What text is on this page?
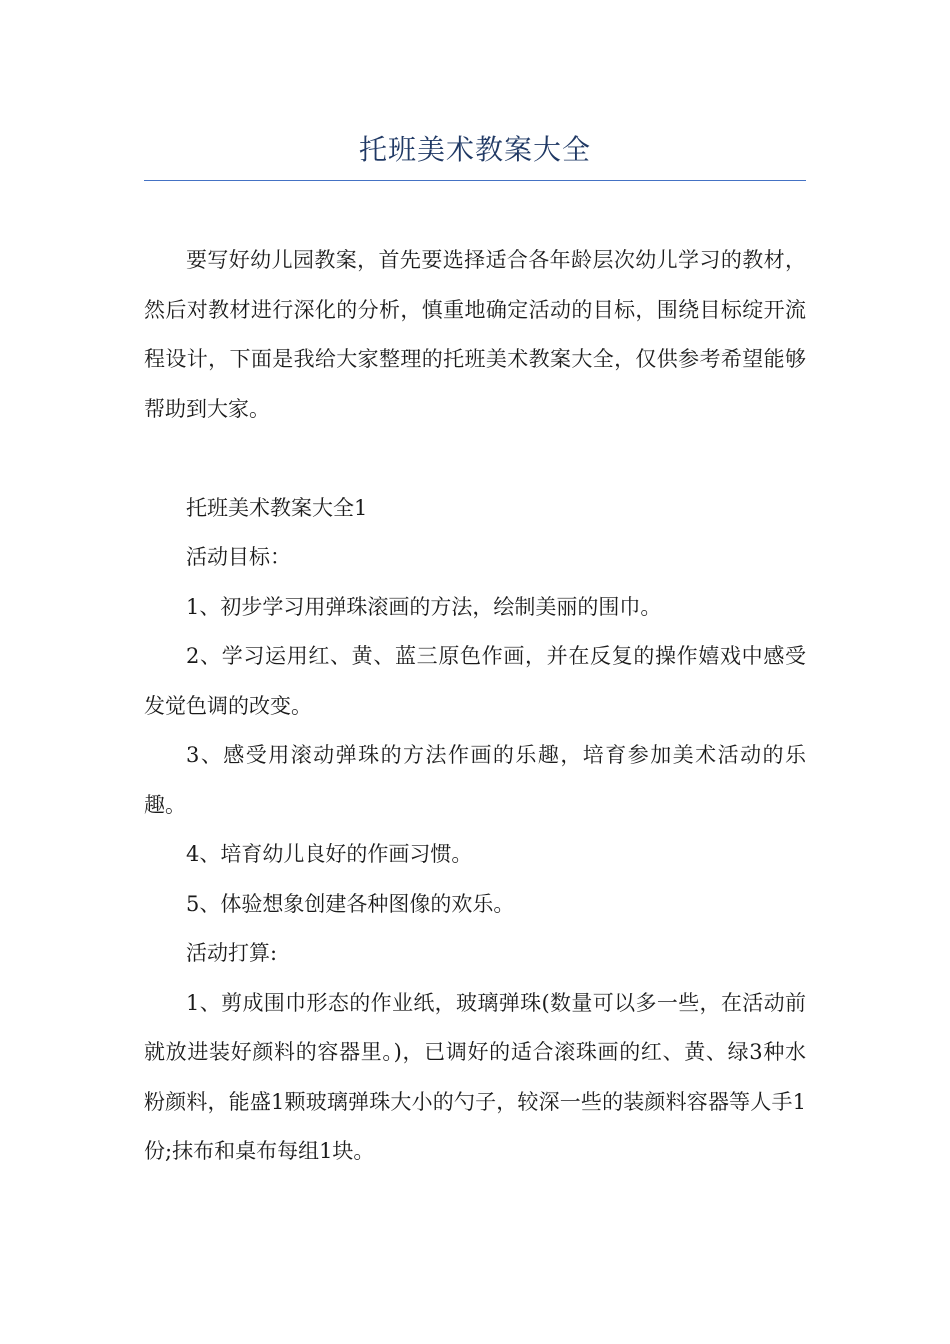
托班美术教案大全

要写好幼儿园教案，首先要选择适合各年龄层次幼儿学习的教材，然后对教材进行深化的分析，慎重地确定活动的目标，围绕目标绽开流程设计，下面是我给大家整理的托班美术教案大全，仅供参考希望能够帮助到大家。

托班美术教案大全1

活动目标：

1、初步学习用弹珠滚画的方法，绘制美丽的围巾。

2、学习运用红、黄、蓝三原色作画，并在反复的操作嬉戏中感受发觉色调的改变。

3、感受用滚动弹珠的方法作画的乐趣，培育参加美术活动的乐趣。

4、培育幼儿良好的作画习惯。

5、体验想象创建各种图像的欢乐。

活动打算:

1、剪成围巾形态的作业纸，玻璃弹珠(数量可以多一些，在活动前就放进装好颜料的容器里。)，已调好的适合滚珠画的红、黄、绿3种水粉颜料，能盛1颗玻璃弹珠大小的勺子，较深一些的装颜料容器等人手1份;抹布和桌布每组1块。
